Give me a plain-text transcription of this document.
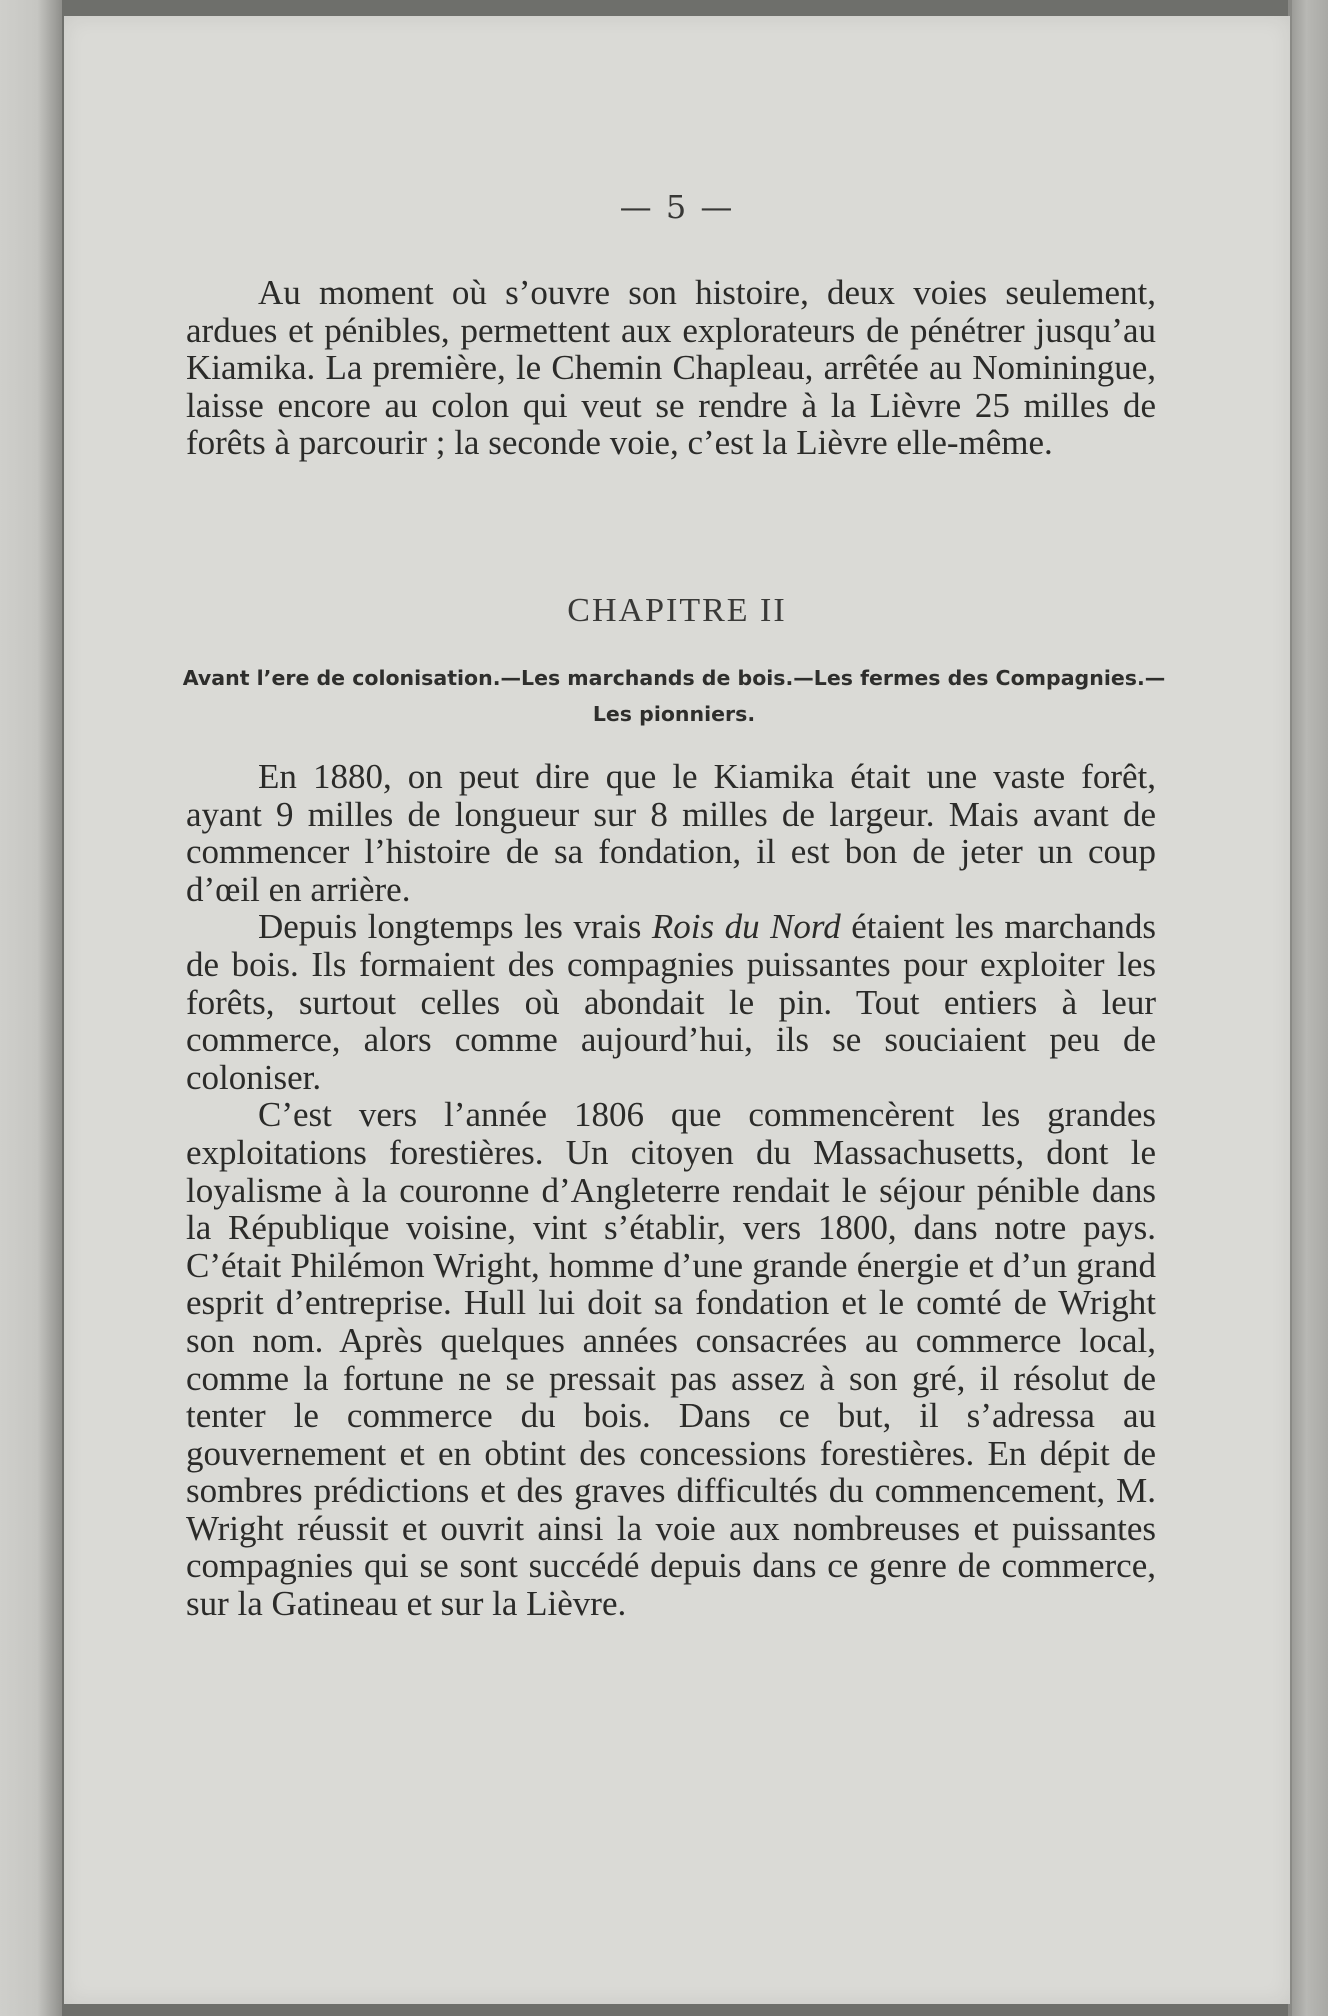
— 5 —

Au moment où s’ouvre son histoire, deux voies seulement, ardues et pénibles, permettent aux explorateurs de pénétrer jusqu’au Kiamika. La première, le Chemin Chapleau, arrêtée au Nominingue, laisse encore au colon qui veut se rendre à la Lièvre 25 milles de forêts à parcourir ; la seconde voie, c’est la Lièvre elle-même.

CHAPITRE II
Avant l’ere de colonisation.—Les marchands de bois.—Les fermes des Compagnies.—Les pionniers.

En 1880, on peut dire que le Kiamika était une vaste forêt, ayant 9 milles de longueur sur 8 milles de largeur. Mais avant de commencer l’histoire de sa fondation, il est bon de jeter un coup d’œil en arrière.

Depuis longtemps les vrais Rois du Nord étaient les marchands de bois. Ils formaient des compagnies puissantes pour exploiter les forêts, surtout celles où abondait le pin. Tout entiers à leur commerce, alors comme aujourd’hui, ils se souciaient peu de coloniser.

C’est vers l’année 1806 que commencèrent les grandes exploitations forestières. Un citoyen du Massachusetts, dont le loyalisme à la couronne d’Angleterre rendait le séjour pénible dans la République voisine, vint s’établir, vers 1800, dans notre pays. C’était Philémon Wright, homme d’une grande énergie et d’un grand esprit d’entreprise. Hull lui doit sa fondation et le comté de Wright son nom. Après quelques années consacrées au commerce local, comme la fortune ne se pressait pas assez à son gré, il résolut de tenter le commerce du bois. Dans ce but, il s’adressa au gouvernement et en obtint des concessions forestières. En dépit de sombres prédictions et des graves difficultés du commencement, M. Wright réussit et ouvrit ainsi la voie aux nombreuses et puissantes compagnies qui se sont succédé depuis dans ce genre de commerce, sur la Gatineau et sur la Lièvre.
